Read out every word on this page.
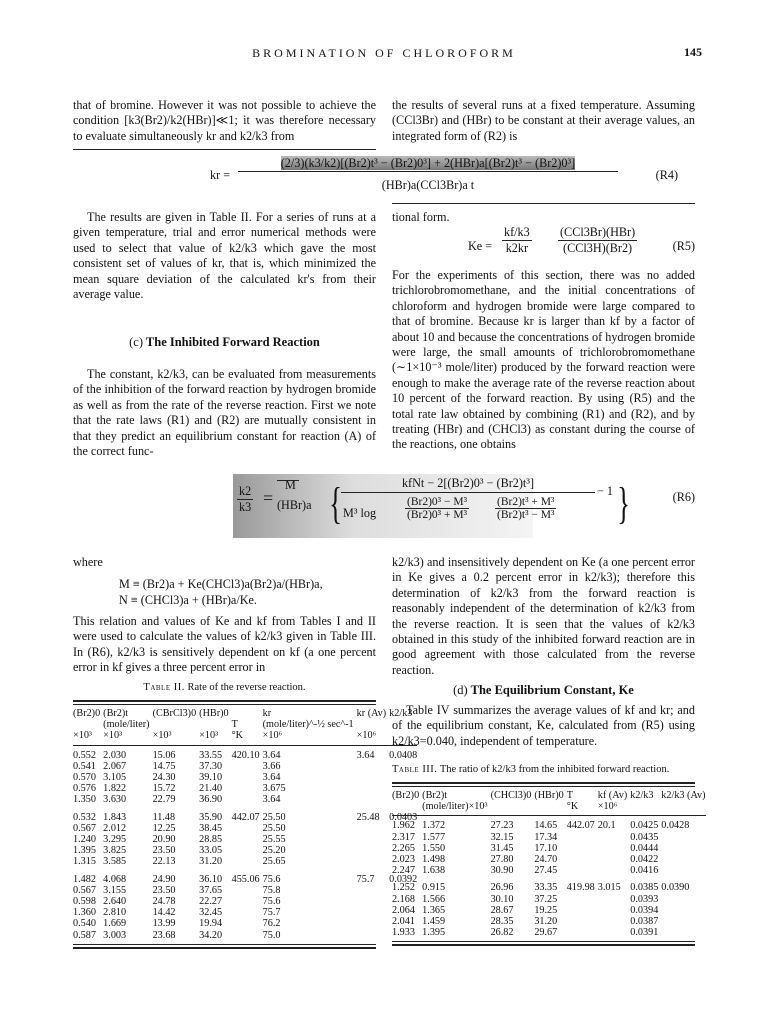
BROMINATION OF CHLOROFORM	145

that of bromine. However it was not possible to achieve the condition [k3(Br2)/k2(HBr)]≪1; it was therefore necessary to evaluate simultaneously kr and k2/k3 from

the results of several runs at a fixed temperature. Assuming (CCl3Br) and (HBr) to be constant at their average values, an integrated form of (R2) is

kr =
(2/3)(k3/k2)[(Br2)t³ − (Br2)0³] + 2(HBr)a[(Br2)t³ − (Br2)0³]
(HBr)a(CCl3Br)a t
(R4)

The results are given in Table II. For a series of runs at a given temperature, trial and error numerical methods were used to select that value of k2/k3 which gave the most consistent set of values of kr, that is, which minimized the mean square deviation of the calculated kr's from their average value.

(c) The Inhibited Forward Reaction

The constant, k2/k3, can be evaluated from measurements of the inhibition of the forward reaction by hydrogen bromide as well as from the rate of the reverse reaction. First we note that the rate laws (R1) and (R2) are mutually consistent in that they predict an equilibrium constant for reaction (A) of the correct func-

tional form.
$Ke = \frac{kf/k3}{k2kr} (CCl3Br)(HBr)$
(CCl3H)(Br2)	(R5)

For the experiments of this section, there was no added trichlorobromomethane, and the initial concentrations of chloroform and hydrogen bromide were large compared to that of bromine. Because kr is larger than kf by a factor of about 10 and because the concentrations of hydrogen bromide were large, the small amounts of trichlorobromomethane (∼1×10⁻³ mole/liter) produced by the forward reaction were enough to make the average rate of the reverse reaction about 10 percent of the forward reaction. By using (R5) and the total rate law obtained by combining (R1) and (R2), and by treating (HBr) and (CHCl3) as constant during the course of the reactions, one obtains

$\frac{k2}{k3}$ =
M
(HBr)a {	kfNt − 2[(Br2)0³ − (Br2)t³]
M³ log	$\frac{\text{(Br2)0³ − M³}}{\text{(Br2)0³ + M³}} \frac{\text{(Br2)t³ + M³}}{\text{(Br2)t³ − M³}}$
− 1 }	(R6)
where
M ≡ (Br2)a + Ke(CHCl3)a(Br2)a/(HBr)a,
N ≡ (CHCl3)a + (HBr)a/Ke.

This relation and values of Ke and kf from Tables I and II were used to calculate the values of k2/k3 given in Table III. In (R6), k2/k3 is sensitively dependent on kf (a one percent error in kf gives a three percent error in

k2/k3) and insensitively dependent on Ke (a one percent error in Ke gives a 0.2 percent error in k2/k3); therefore this determination of k2/k3 from the forward reaction is reasonably independent of the determination of k2/k3 from the reverse reaction. It is seen that the values of k2/k3 obtained in this study of the inhibited forward reaction are in good agreement with those calculated from the reverse reaction.

Table II. Rate of the reverse reaction.
(Br2)0	(Br2)t	(CBrCl3)0	(HBr)0		kr	kr (Av)	k2/k3
	(mole/liter)			T	(mole/liter)^-½ sec^-1		
×10³	×10³	×10³	×10³	°K	×10⁶	×10⁶	

0.552	2.030	15.06	33.55	420.10	3.64	3.64	0.0408
0.541	2.067	14.75	37.30		3.66		
0.570	3.105	24.30	39.10		3.64		
0.576	1.822	15.72	21.40		3.675		
1.350	3.630	22.79	36.90		3.64		

0.532	1.843	11.48	35.90	442.07	25.50	25.48	0.0403
0.567	2.012	12.25	38.45		25.50		
1.240	3.295	20.90	28.85		25.55		
1.395	3.825	23.50	33.05		25.20		
1.315	3.585	22.13	31.20		25.65		

1.482	4.068	24.90	36.10	455.06	75.6	75.7	0.0392
0.567	3.155	23.50	37.65		75.8		
0.598	2.640	24.78	22.27		75.6		
1.360	2.810	14.42	32.45		75.7		
0.540	1.669	13.99	19.94		76.2		
0.587	3.003	23.68	34.20		75.0		
(d) The Equilibrium Constant, Ke

Table IV summarizes the average values of kf and kr; and of the equilibrium constant, Ke, calculated from (R5) using k2/k3=0.040, independent of temperature.

Table III. The ratio of k2/k3 from the inhibited forward reaction.
(Br2)0	(Br2)t	(CHCl3)0	(HBr)0	T	kf (Av)	k2/k3	k2/k3 (Av)
	(mole/liter)×10³			°K	×10⁶		

1.962	1.372	27.23	14.65	442.07	20.1	0.0425	0.0428
2.317	1.577	32.15	17.34			0.0435	
2.265	1.550	31.45	17.10			0.0444	
2.023	1.498	27.80	24.70			0.0422	
2.247	1.638	30.90	27.45			0.0416	

1.252	0.915	26.96	33.35	419.98	3.015	0.0385	0.0390
2.168	1.566	30.10	37.25			0.0393	
2.064	1.365	28.67	19.25			0.0394	
2.041	1.459	28.35	31.20			0.0387	
1.933	1.395	26.82	29.67			0.0391	
